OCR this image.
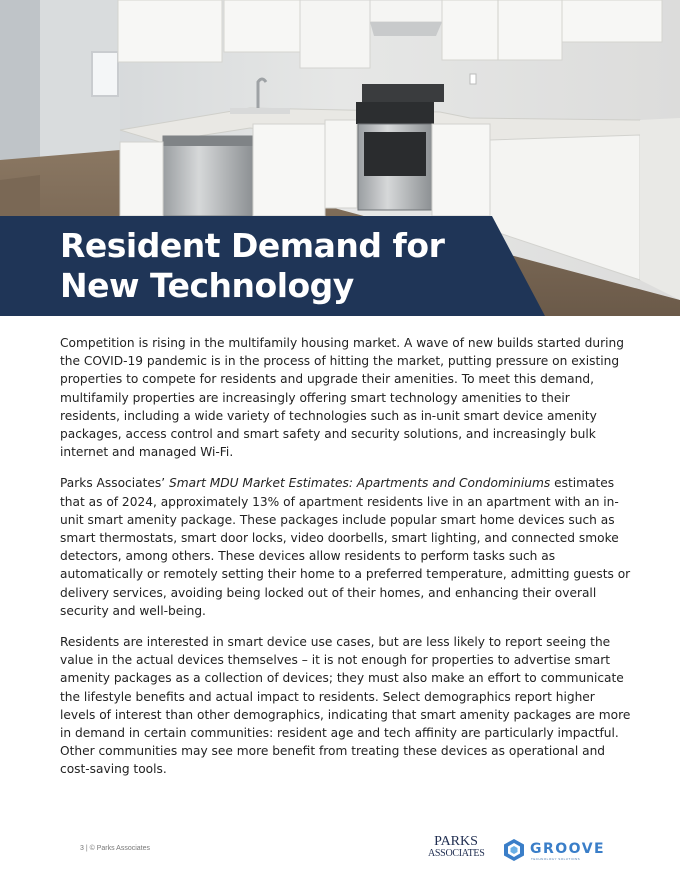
Resident Demand for
New Technology

Competition is rising in the multifamily housing market. A wave of new builds started during the COVID-19 pandemic is in the process of hitting the market, putting pressure on existing properties to compete for residents and upgrade their amenities. To meet this demand, multifamily properties are increasingly offering smart technology amenities to their residents, including a wide variety of technologies such as in-unit smart device amenity packages, access control and smart safety and security solutions, and increasingly bulk internet and managed Wi-Fi.

Parks Associates’ Smart MDU Market Estimates: Apartments and Condominiums estimates that as of 2024, approximately 13% of apartment residents live in an apartment with an in-unit smart amenity package. These packages include popular smart home devices such as smart thermostats, smart door locks, video doorbells, smart lighting, and connected smoke detectors, among others. These devices allow residents to perform tasks such as automatically or remotely setting their home to a preferred temperature, admitting guests or delivery services, avoiding being locked out of their homes, and enhancing their overall security and well-being.

Residents are interested in smart device use cases, but are less likely to report seeing the value in the actual devices themselves – it is not enough for properties to advertise smart amenity packages as a collection of devices; they must also make an effort to communicate the lifestyle benefits and actual impact to residents. Select demographics report higher levels of interest than other demographics, indicating that smart amenity packages are more in demand in certain communities: resident age and tech affinity are particularly impactful. Other communities may see more benefit from treating these devices as operational and cost-saving tools.

3 | © Parks Associates	PARKS
ASSOCIATES	GROOVE
TECHNOLOGY SOLUTIONS
